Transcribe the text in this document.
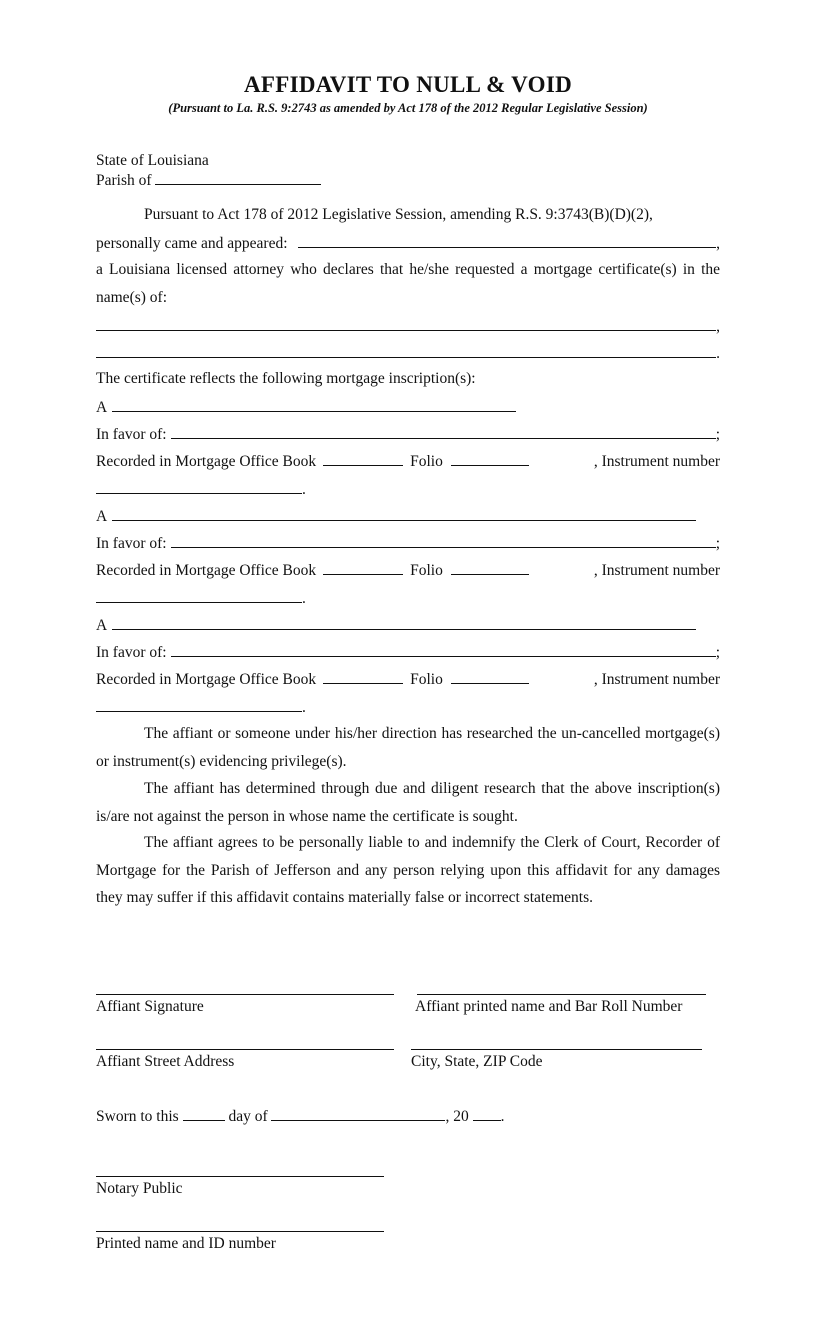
AFFIDAVIT TO NULL & VOID

(Pursuant to La. R.S. 9:2743 as amended by Act 178 of the 2012 Regular Legislative Session)

State of Louisiana
Parish of
Pursuant to Act 178 of 2012 Legislative Session, amending R.S. 9:3743(B)(D)(2),
personally came and appeared:	,
a Louisiana licensed attorney who declares that he/she requested a mortgage certificate(s) in the name(s) of:
,
.
The certificate reflects the following mortgage inscription(s):
A
In favor of:	;
Recorded in Mortgage Office Book	Folio	, Instrument number
.
A
In favor of:	;
Recorded in Mortgage Office Book	Folio	, Instrument number
.
A
In favor of:	;
Recorded in Mortgage Office Book	Folio	, Instrument number
.
The affiant or someone under his/her direction has researched the un-cancelled mortgage(s) or instrument(s) evidencing privilege(s).
The affiant has determined through due and diligent research that the above inscription(s) is/are not against the person in whose name the certificate is sought.
The affiant agrees to be personally liable to and indemnify the Clerk of Court, Recorder of Mortgage for the Parish of Jefferson and any person relying upon this affidavit for any damages they may suffer if this affidavit contains materially false or incorrect statements.
Affiant Signature	Affiant printed name and Bar Roll Number
Affiant Street Address	City, State, ZIP Code
Sworn to this	day of	, 20 .
Notary Public
Printed name and ID number
